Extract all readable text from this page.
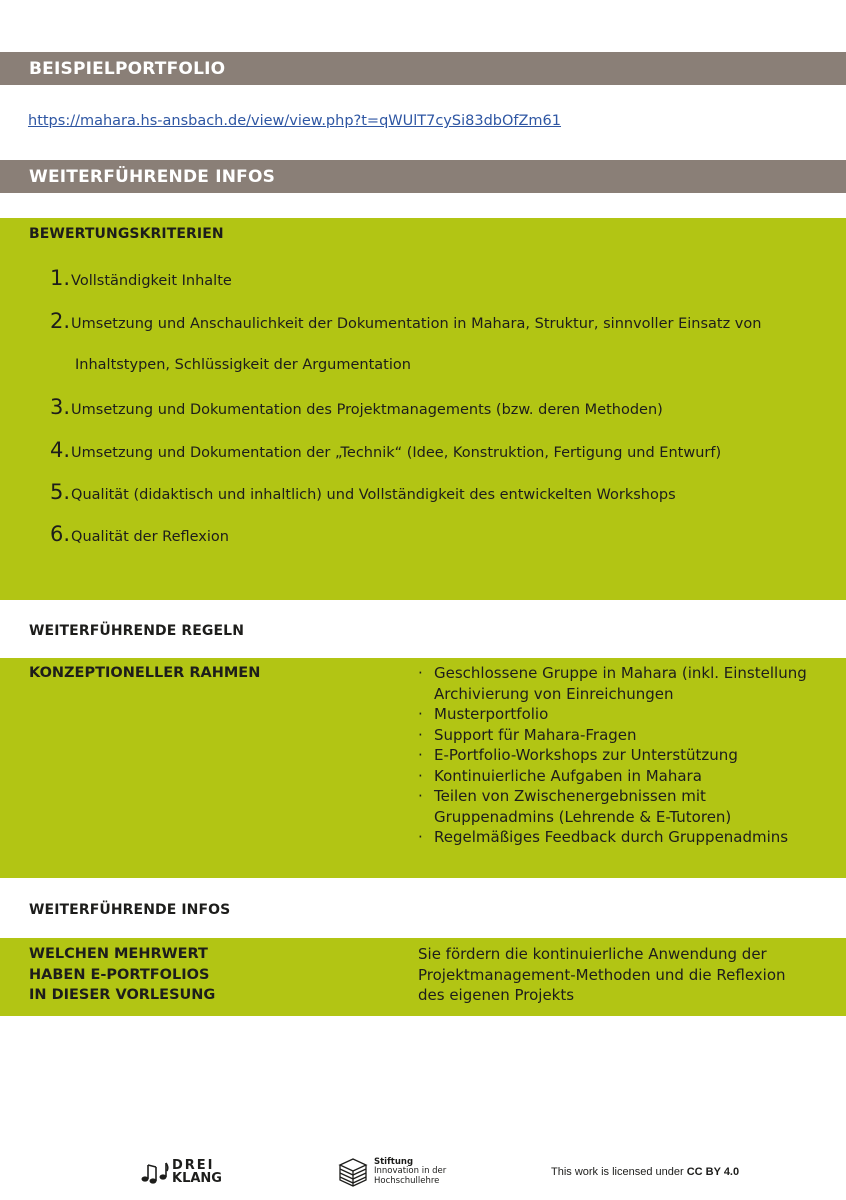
BEISPIELPORTFOLIO
https://mahara.hs-ansbach.de/view/view.php?t=qWUlT7cySi83dbOfZm61
WEITERFÜHRENDE INFOS
BEWERTUNGSKRITERIEN
1. Vollständigkeit Inhalte
2. Umsetzung und Anschaulichkeit der Dokumentation in Mahara, Struktur, sinnvoller Einsatz von
Inhaltstypen, Schlüssigkeit der Argumentation
3. Umsetzung und Dokumentation des Projektmanagements (bzw. deren Methoden)
4. Umsetzung und Dokumentation der „Technik“ (Idee, Konstruktion, Fertigung und Entwurf)
5. Qualität (didaktisch und inhaltlich) und Vollständigkeit des entwickelten Workshops
6. Qualität der Reflexion
WEITERFÜHRENDE REGELN
KONZEPTIONELLER RAHMEN
·	Geschlossene Gruppe in Mahara (inkl. Einstellung Archivierung von Einreichungen
· Musterportfolio
· Support für Mahara-Fragen
· E-Portfolio-Workshops zur Unterstützung
· Kontinuierliche Aufgaben in Mahara
· Teilen von Zwischenergebnissen mit Gruppenadmins (Lehrende & E-Tutoren)
· Regelmäßiges Feedback durch Gruppenadmins
WEITERFÜHRENDE INFOS
WELCHEN MEHRWERT
HABEN E-PORTFOLIOS
IN DIESER VORLESUNG
Sie fördern die kontinuierliche Anwendung der
Projektmanagement-Methoden und die Reflexion
des eigenen Projekts
DREI
KLANG
Stiftung
Innovation in der
Hochschullehre
This work is licensed under CC BY 4.0
